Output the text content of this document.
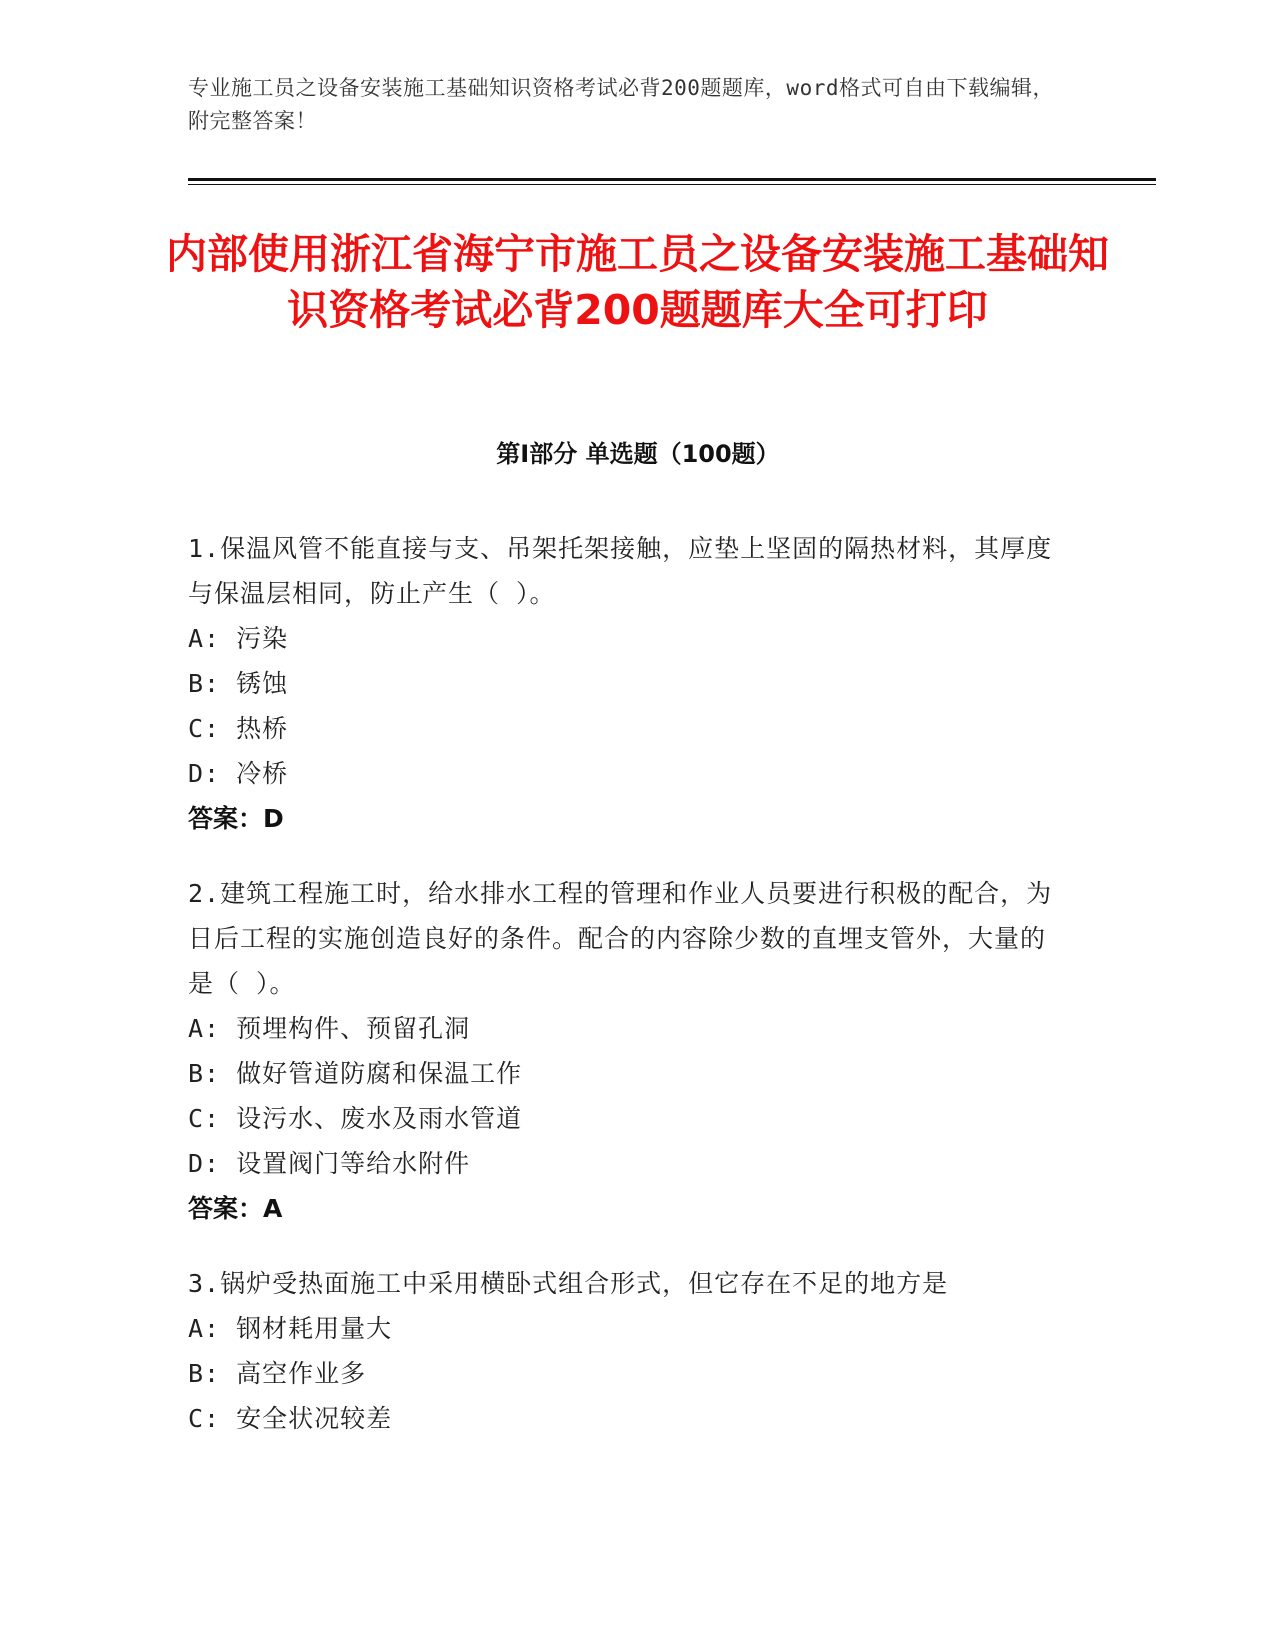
专业施工员之设备安装施工基础知识资格考试必背200题题库，word格式可自由下载编辑，附完整答案！
内部使用浙江省海宁市施工员之设备安装施工基础知识资格考试必背200题题库大全可打印
第Ⅰ部分 单选题（100题）
1.保温风管不能直接与支、吊架托架接触，应垫上坚固的隔热材料，其厚度与保温层相同，防止产生（ ）。
A: 污染
B: 锈蚀
C: 热桥
D: 冷桥
答案：D
2.建筑工程施工时，给水排水工程的管理和作业人员要进行积极的配合，为日后工程的实施创造良好的条件。配合的内容除少数的直埋支管外，大量的是（ ）。
A: 预埋构件、预留孔洞
B: 做好管道防腐和保温工作
C: 设污水、废水及雨水管道
D: 设置阀门等给水附件
答案：A
3.锅炉受热面施工中采用横卧式组合形式，但它存在不足的地方是
A: 钢材耗用量大
B: 高空作业多
C: 安全状况较差
